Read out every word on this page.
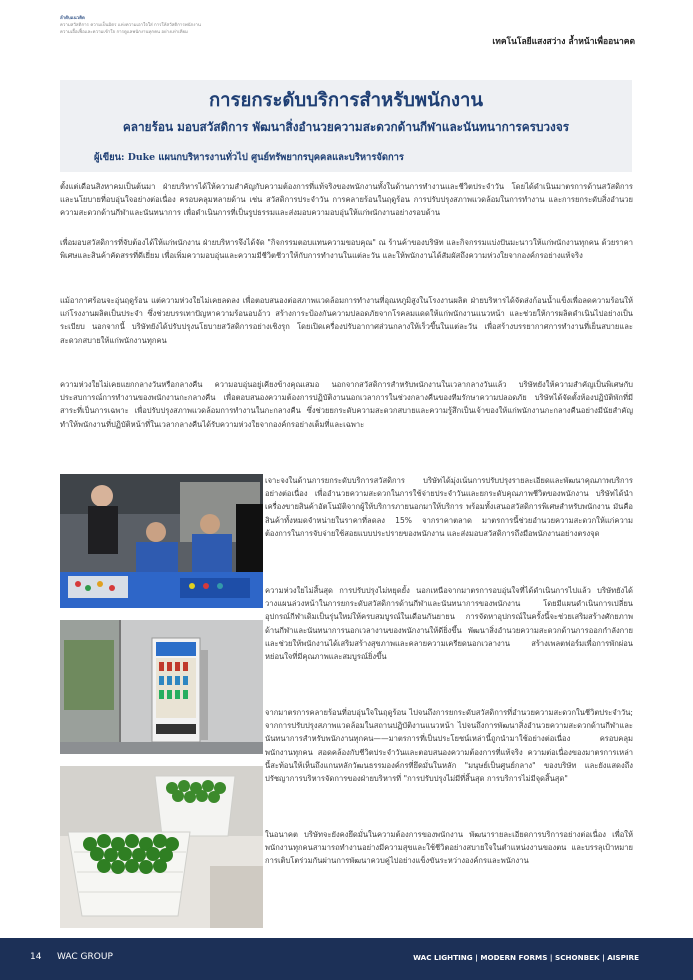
ลำดับแนวคิด
ความสวัสดิการ ความเป็นมิตร แห่งความเอาใจใส่ การให้สวัสดิการพนักงาน
ความเอื้อเฟื้อและความเข้าใจ การดูแลพนักงานทุกคน อย่างเท่าเทียม
เทคโนโลยีแสงสว่าง ล้ำหน้าเพื่ออนาคต
การยกระดับบริการสำหรับพนักงาน
คลายร้อน มอบสวัสดิการ พัฒนาสิ่งอำนวยความสะดวกด้านกีฬาและนันทนาการครบวงจร
ผู้เขียน: Duke แผนกบริหารงานทั่วไป ศูนย์ทรัพยากรบุคคลและบริหารจัดการ

ตั้งแต่เดือนสิงหาคมเป็นต้นมา ฝ่ายบริหารได้ให้ความสำคัญกับความต้องการที่แท้จริงของพนักงานทั้งในด้านการทำงานและชีวิตประจำวัน โดยได้ดำเนินมาตรการด้านสวัสดิการและนโยบายที่อบอุ่นใจอย่างต่อเนื่อง ครอบคลุมหลายด้าน เช่น สวัสดิการประจำวัน การคลายร้อนในฤดูร้อน การปรับปรุงสภาพแวดล้อมในการทำงาน และการยกระดับสิ่งอำนวยความสะดวกด้านกีฬาและนันทนาการ เพื่อดำเนินการที่เป็นรูปธรรมและส่งมอบความอบอุ่นให้แก่พนักงานอย่างรอบด้าน

เพื่อมอบสวัสดิการที่จับต้องได้ให้แก่พนักงาน ฝ่ายบริหารจึงได้จัด "กิจกรรมตอบแทนความขอบคุณ" ณ ร้านค้าของบริษัท และกิจกรรมแบ่งปันมะนาวให้แก่พนักงานทุกคน ด้วยราคาพิเศษและสินค้าคัดสรรที่ดีเยี่ยม เพื่อเพิ่มความอบอุ่นและความมีชีวิตชีวาให้กับการทำงานในแต่ละวัน และให้พนักงานได้สัมผัสถึงความห่วงใยจากองค์กรอย่างแท้จริง

แม้อากาศร้อนจะอุ่นฤดูร้อน แต่ความห่วงใยไม่เคยลดลง เพื่อตอบสนองต่อสภาพแวดล้อมการทำงานที่อุณหภูมิสูงในโรงงานผลิต ฝ่ายบริหารได้จัดส่งก้อนน้ำแข็งเพื่อลดความร้อนให้แก่โรงงานผลิตเป็นประจำ ซึ่งช่วยบรรเทาปัญหาความร้อนอบอ้าว สร้างการะป้องกันความปลอดภัยจากโรคลมแดดให้แก่พนักงานแนวหน้า และช่วยให้การผลิตดำเนินไปอย่างเป็นระเบียบ นอกจากนี้ บริษัทยังได้ปรับปรุงนโยบายสวัสดิการอย่างเชิงรุก โดยเปิดเครื่องปรับอากาศส่วนกลางให้เร็วขึ้นในแต่ละวัน เพื่อสร้างบรรยากาศการทำงานที่เย็นสบายและสะดวกสบายให้แก่พนักงานทุกคน

ความห่วงใยไม่เคยแยกกลางวันหรือกลางคืน ความอบอุ่นอยู่เคียงข้างคุณเสมอ นอกจากสวัสดิการสำหรับพนักงานในเวลากลางวันแล้ว บริษัทยังให้ความสำคัญเป็นพิเศษกับประสบการณ์การทำงานของพนักงานกะกลางคืน เพื่อตอบสนองความต้องการปฏิบัติงานนอกเวลาการในช่วงกลางคืนของทีมรักษาความปลอดภัย บริษัทได้จัดตั้งห้องปฏิบัติพักที่มีสาระที่เป็นการเฉพาะ เพื่อปรับปรุงสภาพแวดล้อมการทำงานในกะกลางคืน ซึ่งช่วยยกระดับความสะดวกสบายและความรู้สึกเป็นเจ้าของให้แก่พนักงานกะกลางคืนอย่างมีนัยสำคัญ ทำให้พนักงานที่ปฏิบัติหน้าที่ในเวลากลางคืนได้รับความห่วงใยจากองค์กรอย่างเต็มที่และเฉพาะ

เจาะจงในด้านการยกระดับบริการสวัสดิการ บริษัทได้มุ่งเน้นการปรับปรุงรายละเอียดและพัฒนาคุณภาพบริการอย่างต่อเนื่อง เพื่ออำนวยความสะดวกในการใช้จ่ายประจำวันและยกระดับคุณภาพชีวิตของพนักงาน บริษัทได้นำเครื่องขายสินค้าอัตโนมัติจากผู้ให้บริการภายนอกมาให้บริการ พร้อมทั้งเสนอสวัสดิการพิเศษสำหรับพนักงาน มันคือสินค้าทั้งหมดจำหน่ายในราคาที่ลดลง 15% จากราคาตลาด มาตรการนี้ช่วยอำนวยความสะดวกให้แก่ความต้องการในการจับจ่ายใช้สอยแบบประปรายของพนักงาน และส่งมอบสวัสดิการถึงมือพนักงานอย่างตรงจุด

ความห่วงใยไม่สิ้นสุด การปรับปรุงไม่หยุดยั้ง นอกเหนือจากมาตรการอบอุ่นใจที่ได้ดำเนินการไปแล้ว บริษัทยังได้วางแผนล่วงหน้าในการยกระดับสวัสดิการด้านกีฬาและนันทนาการของพนักงาน โดยมีแผนดำเนินการเปลี่ยนอุปกรณ์กีฬาเดิมเป็นรุ่นใหม่ให้ครบสมบูรณ์ในเดือนกันยายน การจัดหาอุปกรณ์ในครั้งนี้จะช่วยเสริมสร้างศักยภาพด้านกีฬาและนันทนาการนอกเวลางานของพนักงานให้ดียิ่งขึ้น พัฒนาสิ่งอำนวยความสะดวกด้านการออกกำลังกาย และช่วยให้พนักงานได้เสริมสร้างสุขภาพและคลายความเครียดนอกเวลางาน สร้างเพลตฟอร์มเพื่อการพักผ่อนหย่อนใจที่มีคุณภาพและสมบูรณ์ยิ่งขึ้น

จากมาตรการคลายร้อนที่อบอุ่นใจในฤดูร้อน ไปจนถึงการยกระดับสวัสดิการที่อำนวยความสะดวกในชีวิตประจำวัน; จากการปรับปรุงสภาพแวดล้อมในสถานปฏิบัติงานแนวหน้า ไปจนถึงการพัฒนาสิ่งอำนวยความสะดวกด้านกีฬาและนันทนาการสำหรับพนักงานทุกคน——มาตรการที่เป็นประโยชน์เหล่านี้ถูกนำมาใช้อย่างต่อเนื่อง ครอบคลุมพนักงานทุกคน สอดคล้องกับชีวิตประจำวันและตอบสนองความต้องการที่แท้จริง ความต่อเนื่องของมาตรการเหล่านี้สะท้อนให้เห็นถึงแกนหลักวัฒนธรรมองค์กรที่ยึดมั่นในหลัก "มนุษย์เป็นศูนย์กลาง" ของบริษัท และยังแสดงถึงปรัชญาการบริหารจัดการของฝ่ายบริหารที่ "การปรับปรุงไม่มีที่สิ้นสุด การบริการไม่มีจุดสิ้นสุด"

ในอนาคต บริษัทจะยังคงยึดมั่นในความต้องการของพนักงาน พัฒนารายละเอียดการบริการอย่างต่อเนื่อง เพื่อให้พนักงานทุกคนสามารถทำงานอย่างมีความสุขและใช้ชีวิตอย่างสบายใจในตำแหน่งงานของตน และบรรลุเป้าหมายการเติบโตร่วมกันผ่านการพัฒนาควบคู่ไปอย่างแข็งขันระหว่างองค์กรและพนักงาน

14 WAC GROUP	WAC LIGHTING | MODERN FORMS | SCHONBEK | AISPIRE
